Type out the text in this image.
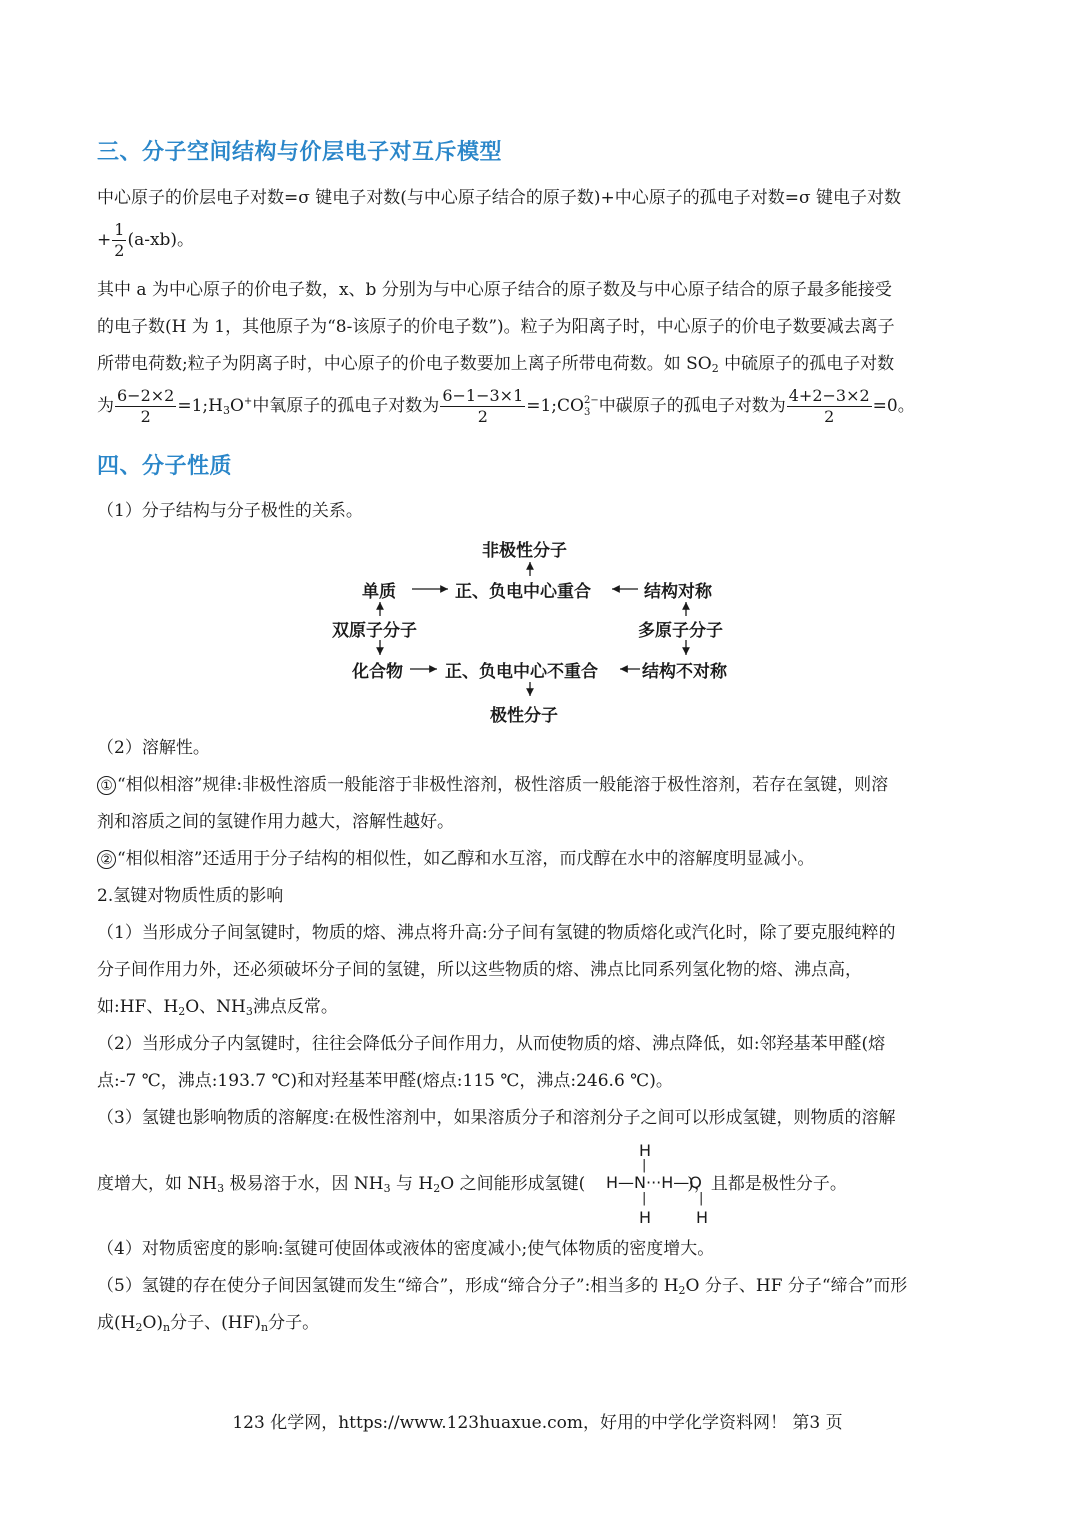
三、分子空间结构与价层电子对互斥模型
中心原子的价层电子对数=σ 键电子对数(与中心原子结合的原子数)+中心原子的孤电子对数=σ 键电子对数
+ $\frac{1}{2} (a-xb)$。
其中 a 为中心原子的价电子数，x、b 分别为与中心原子结合的原子数及与中心原子结合的原子最多能接受
的电子数(H 为 1，其他原子为“8-该原子的价电子数”)。粒子为阳离子时，中心原子的价电子数要减去离子
所带电荷数;粒子为阴离子时，中心原子的价电子数要加上离子所带电荷数。如 $SO_2$ 中硫原子的孤电子对数
为 $\frac{6-2\times 2}{2}$ $=1;H_3O^+$中氧原子的孤电子对数为 $\frac{6-1-3\times 1}{2}$ =1;CO 2−
3 中碳原子的孤电子对数为 $\frac{4+2-3\times 2}{2} =0$。
四、分子性质
（1）分子结构与分子极性的关系。
非极性分子
单质	正、负电中心重合	结构对称
双原子分子	多原子分子
化合物 正、负电中心不重合	结构不对称
极性分子
（2）溶解性。
① “相似相溶”规律:非极性溶质一般能溶于非极性溶剂，极性溶质一般能溶于极性溶剂，若存在氢键，则溶
剂和溶质之间的氢键作用力越大，溶解性越好。
② “相似相溶”还适用于分子结构的相似性，如乙醇和水互溶，而戊醇在水中的溶解度明显减小。
2.氢键对物质性质的影响
（1）当形成分子间氢键时，物质的熔、沸点将升高:分子间有氢键的物质熔化或汽化时，除了要克服纯粹的
分子间作用力外，还必须破坏分子间的氢键，所以这些物质的熔、沸点比同系列氢化物的熔、沸点高，
如:HF、$H_2O$、$NH_3$沸点反常。
（2）当形成分子内氢键时，往往会降低分子间作用力，从而使物质的熔、沸点降低，如:邻羟基苯甲醛(熔
点:-7 ℃，沸点:193.7 ℃)和对羟基苯甲醛(熔点:115 ℃，沸点:246.6 ℃)。
（3）氢键也影响物质的溶解度:在极性溶剂中，如果溶质分子和溶剂分子之间可以形成氢键，则物质的溶解
度增大，如 $NH_3$ 极易溶于水，因 $NH_3$ 与 $H_2O$ 之间能形成氢键(	)，且都是极性分子。
H
|
H—N···H—O
|	|
H	H
（4）对物质密度的影响:氢键可使固体或液体的密度减小;使气体物质的密度增大。
（5）氢键的存在使分子间因氢键而发生“缔合”，形成“缔合分子”:相当多的 $H_2O$ 分子、HF 分子“缔合”而形
成$(H_2O)_n$分子、$(HF)_n$分子。
123 化学网，https://www.123huaxue.com，好用的中学化学资料网！ 第3 页
